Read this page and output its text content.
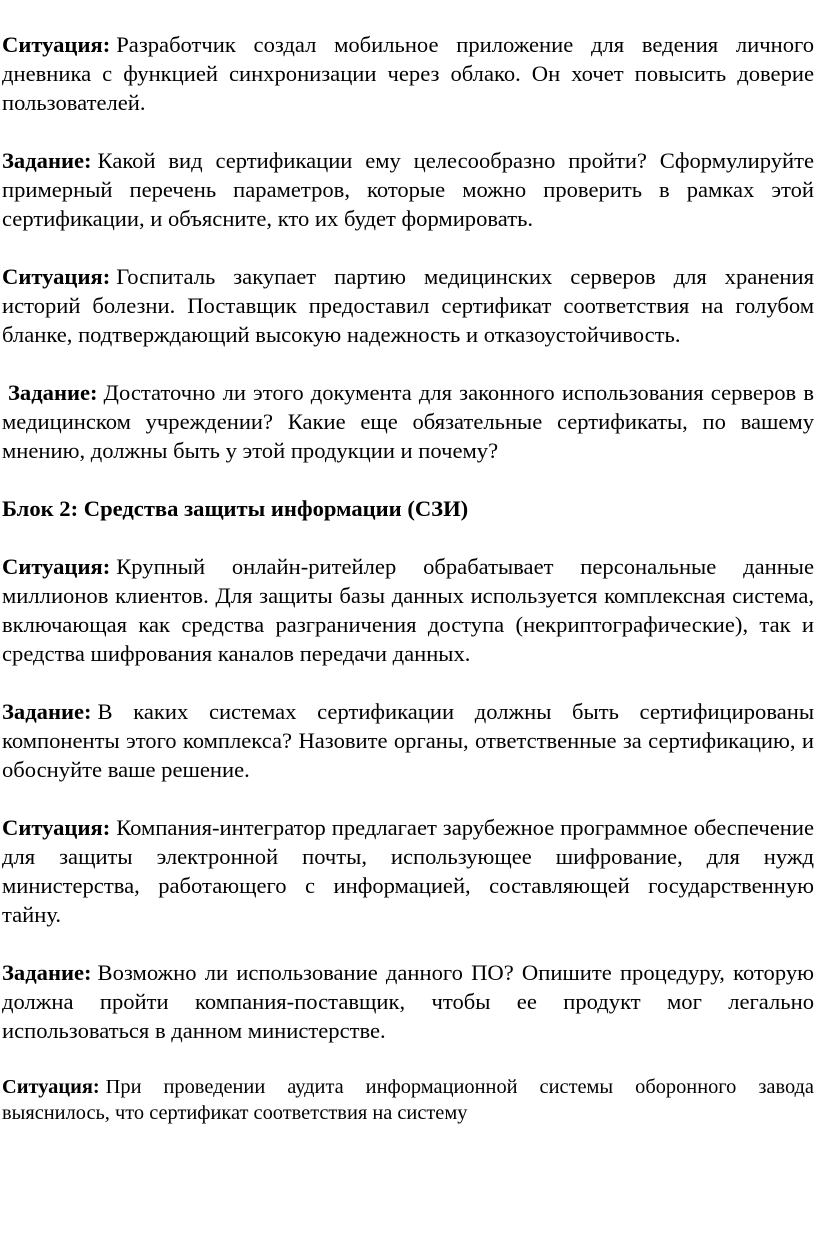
Ситуация: Разработчик создал мобильное приложение для ведения личного дневника с функцией синхронизации через облако. Он хочет повысить доверие пользователей.

Задание: Какой вид сертификации ему целесообразно пройти? Сформулируйте примерный перечень параметров, которые можно проверить в рамках этой сертификации, и объясните, кто их будет формировать.

Ситуация: Госпиталь закупает партию медицинских серверов для хранения историй болезни. Поставщик предоставил сертификат соответствия на голубом бланке, подтверждающий высокую надежность и отказоустойчивость.

Задание: Достаточно ли этого документа для законного использования серверов в медицинском учреждении? Какие еще обязательные сертификаты, по вашему мнению, должны быть у этой продукции и почему?

Блок 2: Средства защиты информации (СЗИ)

Ситуация: Крупный онлайн-ритейлер обрабатывает персональные данные миллионов клиентов. Для защиты базы данных используется комплексная система, включающая как средства разграничения доступа (некриптографические), так и средства шифрования каналов передачи данных.

Задание: В каких системах сертификации должны быть сертифицированы компоненты этого комплекса? Назовите органы, ответственные за сертификацию, и обоснуйте ваше решение.

Ситуация: Компания-интегратор предлагает зарубежное программное обеспечение для защиты электронной почты, использующее шифрование, для нужд министерства, работающего с информацией, составляющей государственную тайну.

Задание: Возможно ли использование данного ПО? Опишите процедуру, которую должна пройти компания-поставщик, чтобы ее продукт мог легально использоваться в данном министерстве.

Ситуация: При проведении аудита информационной системы оборонного завода выяснилось, что сертификат соответствия на систему
